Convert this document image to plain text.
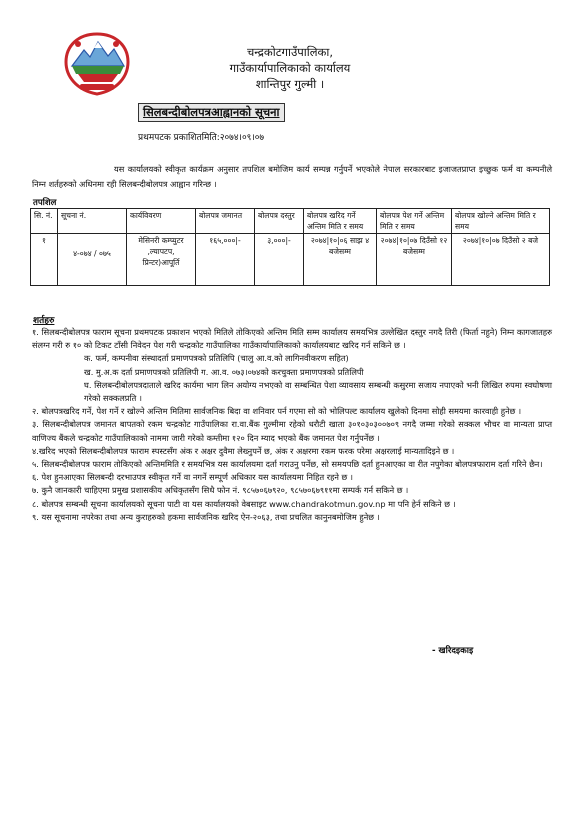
चन्द्रकोटगाउँपालिका,
गाउँकार्यापालिकाको कार्यालय
शान्तिपुर गुल्मी ।
सिलबन्दीबोलपत्रआह्वानको सूचना
प्रथमपटक प्रकाशितमिति:२०७४।०९।०७

यस कार्यालयको स्वीकृत कार्यक्रम अनुसार तपशिल बमोजिम कार्य सम्पन्न गर्नुपर्ने भएकोले नेपाल सरकारबाट इजाजतप्राप्त इच्छुक फर्म वा कम्पनीले निम्न शर्तहरुको अधिनमा रही सिलबन्दीबोलपत्र आह्वान गरिन्छ ।

तपशिल
सि. नं.	सूचना नं.	कार्यविवरण	बोलपत्र जमानत	बोलपत्र दस्तुर	बोलपत्र खरिद गर्ने अन्तिम मिति र समय	बोलपत्र पेश गर्ने अन्तिम मिति र समय	बोलपत्र खोल्ने अन्तिम मिति र समय
१	४-०७४ / ०७५	मेसिनरी कम्प्युटर ,ल्यापटप, प्रिन्टर)आपूर्ति	१६५,०००|-	३,०००|-	२०७४|१०|०६ साझ ४ बजेसम्म	२०७४|१०|०७ दिउँसो १२ बजेसम्म	२०७४|१०|०७ दिउँसो २ बजे
शर्तहरु

१. सिलबन्दीबोलपत्र फाराम सूचना प्रथमपटक प्रकाशन भएको मितिले तोकिएको अन्तिम मिति सम्म कार्यालय समयभित्र उल्लेखित दस्तुर नगदै तिरी (फिर्ता नहुने) निम्न कागजातहरु संलग्न गरी रु १० को टिकट टाँसी निवेदन पेश गरी चन्द्रकोट गाउँपालिका गाउँकार्यापालिकाको कार्यालयबाट खरिद गर्न सकिने छ ।

क. फर्म, कम्पनीवा संस्थादर्ता प्रमाणपत्रको प्रतिलिपि (चालु आ.व.को लागिनवीकरण सहित)

ख. मु.अ.क दर्ता प्रमाणपत्रको प्रतिलिपी ग. आ.व. ०७३।०७४को करचुक्ता प्रमाणपत्रको प्रतिलिपी

घ. सिलबन्दीबोलपत्रदाताले खरिद कार्यमा भाग लिन अयोग्य नभएको वा सम्बन्धित पेशा व्यावसाय सम्बन्धी कसुरमा सजाय नपाएको भनी लिखित रुपमा स्वघोषणा गरेको सक्कलप्रति ।

२. बोलपत्रखरिद गर्ने, पेश गर्ने र खोल्ने अन्तिम मितिमा सार्वजनिक बिदा वा शनिवार पर्न गएमा सो को भोलिपल्ट कार्यालय खुलेको दिनमा सोही समयमा कारवाही हुनेछ ।

३. सिलबन्दीबोलपत्र जमानत बापतको रकम चन्द्रकोट गाउँपालिका रा.वा.बैंक गुल्मीमा रहेको धरौटी खाता ३०१०३०३००७०९ नगदै जम्मा गरेको सक्कल भौचर वा मान्यता प्राप्त वाणिज्य बैंकले चन्द्रकोट गाउँपालिकाको नाममा जारी गरेको कम्तीमा १२० दिन म्याद भएको बैंक जमानत पेश गर्नुपर्नेछ ।

४.खरिद भएको सिलबन्दीबोलपत्र फाराम स्पस्टसँग अंक र अक्षर दुवैमा लेख्नुपर्ने छ, अंक र अक्षरमा रकम फरक परेमा अक्षरलाई मान्यतादिइने छ ।

५. सिलबन्दीबोलपत्र फाराम तोकिएको अन्तिममिति र समयभित्र यस कार्यालयमा दर्ता गराउनु पर्नेछ, सो समयपछि दर्ता हुनआएका वा रीत नपुगेका बोलपत्रफाराम दर्ता गरिने छैन।

६. पेश हुनआएका सिलबन्दी दरभाउपत्र स्वीकृत गर्ने वा नगर्ने सम्पूर्ण अधिकार यस कार्यालयमा निहित रहने छ ।

७. कुनै जानकारी चाहिएमा प्रमुख प्रशासकीय अधिकृतसँग सिधै फोन नं. ९८५७०६७९२०, ९८५७०६७९११मा सम्पर्क गर्न सकिने छ ।

८. बोलपत्र सम्बन्धी सूचना कार्यालयको सूचना पाटी वा यस कार्यालयको वेबसाइट www.chandrakotmun.gov.np मा पनि हेर्न सकिने छ ।

९. यस सूचनामा नपरेका तथा अन्य कुराहरुको हकमा सार्वजनिक खरिद ऐन-२०६३, तथा प्रचलित कानुनबमोजिम हुनेछ ।

- खरिदइकाइ
